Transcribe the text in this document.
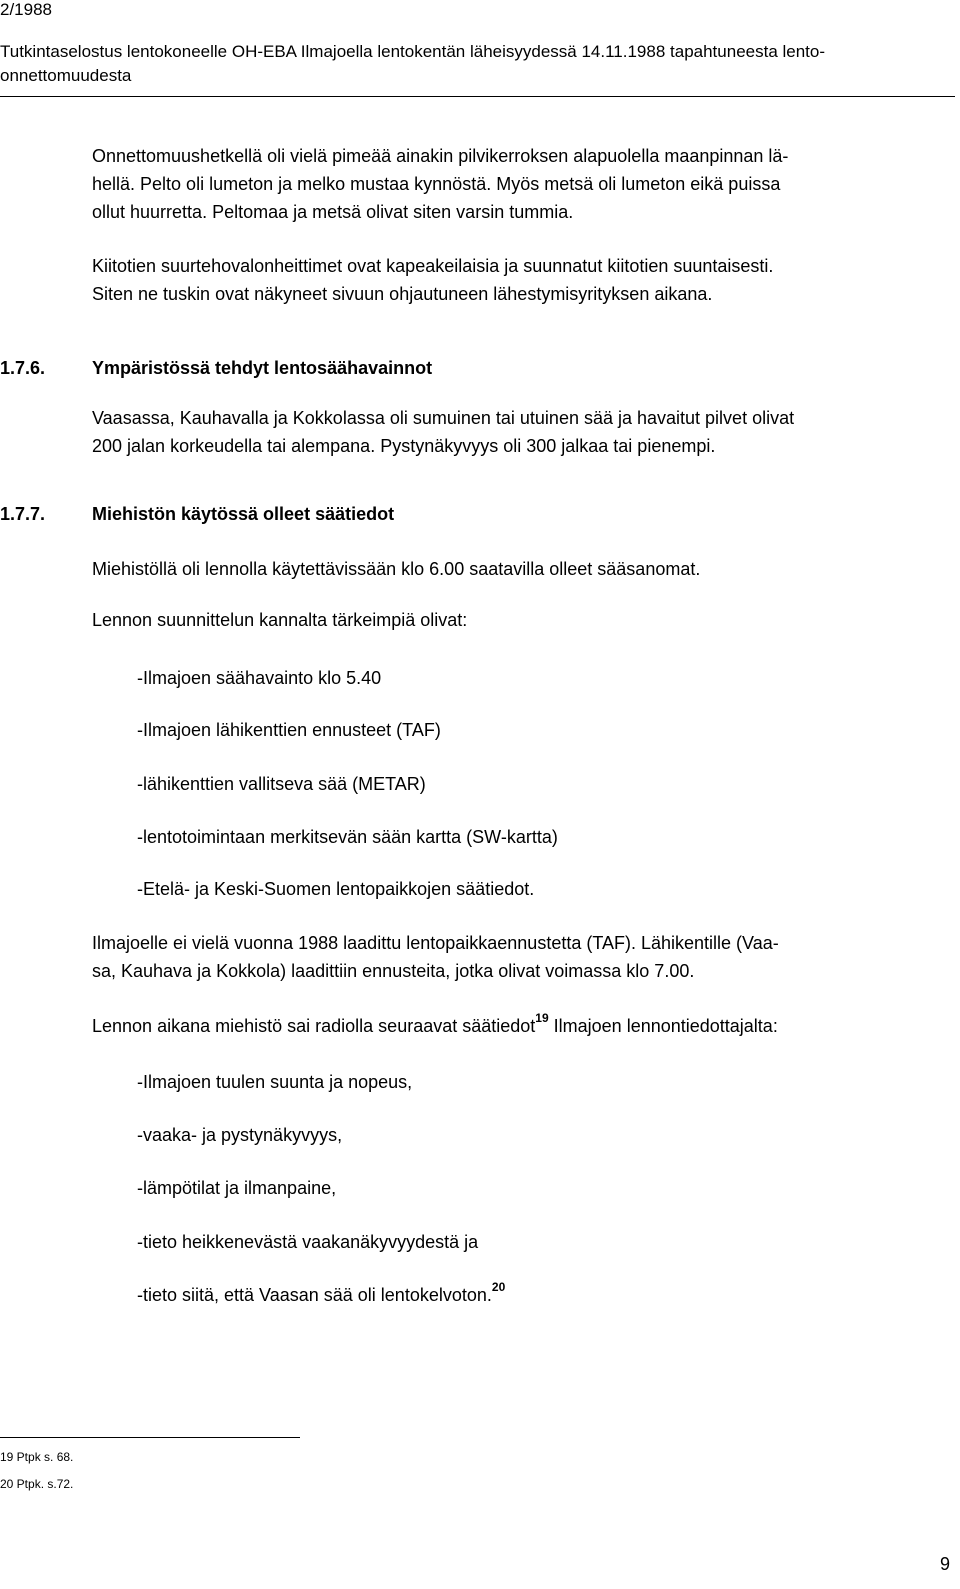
2/1988
Tutkintaselostus lentokoneelle OH-EBA Ilmajoella lentokentän läheisyydessä 14.11.1988 tapahtuneesta lento-onnettomuudesta
Onnettomuushetkellä oli vielä pimeää ainakin pilvikerroksen alapuolella maanpinnan lä-
hellä. Pelto oli lumeton ja melko mustaa kynnöstä. Myös metsä oli lumeton eikä puissa
ollut huurretta. Peltomaa ja metsä olivat siten varsin tummia.
Kiitotien suurtehovalonheittimet ovat kapeakeilaisia ja suunnatut kiitotien suuntaisesti.
Siten ne tuskin ovat näkyneet sivuun ohjautuneen lähestymisyrityksen aikana.
1.7.6.	Ympäristössä tehdyt lentosäähavainnot
Vaasassa, Kauhavalla ja Kokkolassa oli sumuinen tai utuinen sää ja havaitut pilvet olivat
200 jalan korkeudella tai alempana. Pystynäkyvyys oli 300 jalkaa tai pienempi.
1.7.7.	Miehistön käytössä olleet säätiedot
Miehistöllä oli lennolla käytettävissään klo 6.00 saatavilla olleet sääsanomat.
Lennon suunnittelun kannalta tärkeimpiä olivat:
-Ilmajoen säähavainto klo 5.40
-Ilmajoen lähikenttien ennusteet (TAF)
-lähikenttien vallitseva sää (METAR)
-lentotoimintaan merkitsevän sään kartta (SW-kartta)
-Etelä- ja Keski-Suomen lentopaikkojen säätiedot.
Ilmajoelle ei vielä vuonna 1988 laadittu lentopaikkaennustetta (TAF). Lähikentille (Vaa-
sa, Kauhava ja Kokkola) laadittiin ennusteita, jotka olivat voimassa klo 7.00.
Lennon aikana miehistö sai radiolla seuraavat säätiedot$^{19}$ Ilmajoen lennontiedottajalta:
-Ilmajoen tuulen suunta ja nopeus,
-vaaka- ja pystynäkyvyys,
-lämpötilat ja ilmanpaine,
-tieto heikkenevästä vaakanäkyvyydestä ja
-tieto siitä, että Vaasan sää oli lentokelvoton.$^{20}$
19 Ptpk s. 68.
20 Ptpk. s.72.
9
